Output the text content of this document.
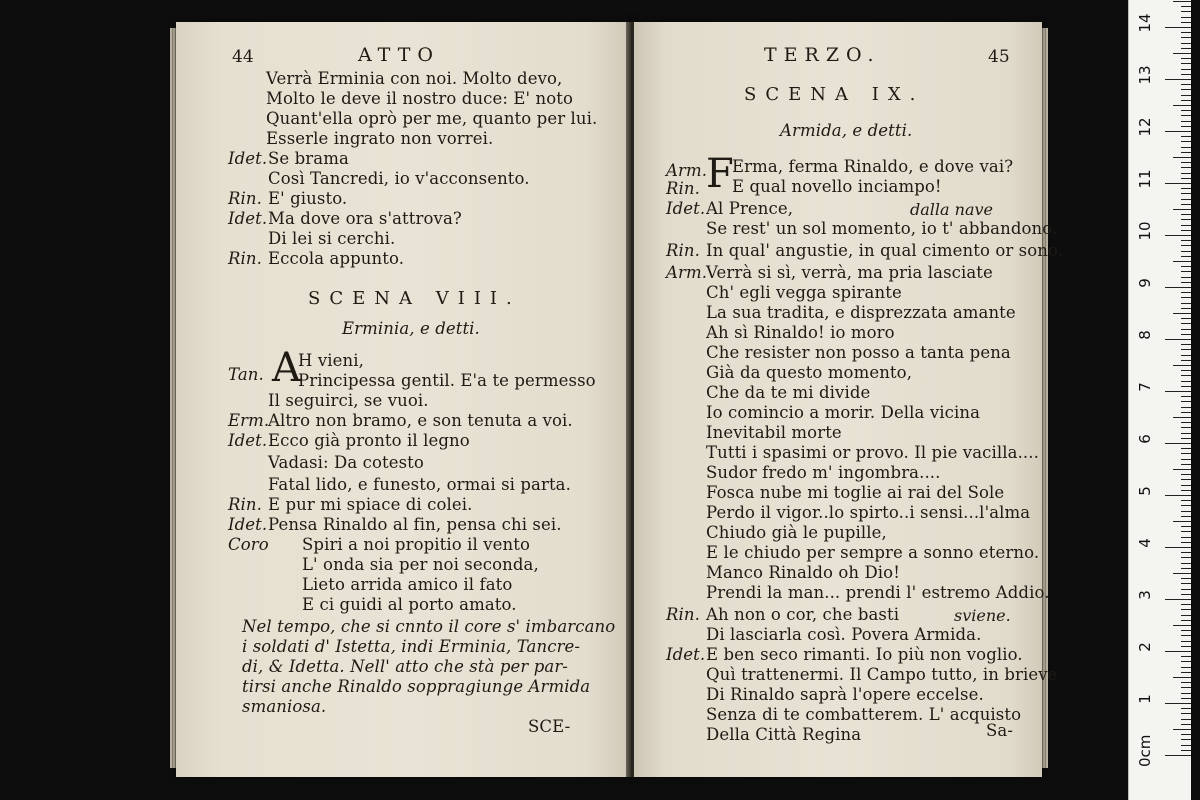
44	ATTO
Verrà Erminia con noi. Molto devo,
Molto le deve il nostro duce: E' noto
Quant'ella oprò per me, quanto per lui.
Esserle ingrato non vorrei.
Idet.Se brama
Così Tancredi, io v'acconsento.
Rin. E' giusto.
Idet.Ma dove ora s'attrova?
Di lei si cerchi.
Rin. Eccola appunto.
SCENA VIII.
Erminia, e detti.
Tan. A
H vieni,
Principessa gentil. E'a te permesso
Il seguirci, se vuoi.
Erm.Altro non bramo, e son tenuta a voi.
Idet.Ecco già pronto il legno
Vadasi: Da cotesto
Fatal lido, e funesto, ormai si parta.
Rin. E pur mi spiace di colei.
Idet.Pensa Rinaldo al fin, pensa chi sei.
Coro Spiri a noi propitio il vento
L' onda sia per noi seconda,
Lieto arrida amico il fato
E ci guidi al porto amato.
Nel tempo, che si cnnto il core s' imbarcano
i soldati d' Istetta, indi Erminia, Tancre-
di, & Idetta. Nell' atto che stà per par-
tirsi anche Rinaldo soppragiunge Armida
smaniosa.
SCE-
TERZO.	45
SCENA IX.
Armida, e detti.
Arm.
F
Erma, ferma Rinaldo, e dove vai?
Rin. E qual novello inciampo!
Idet.Al Prence,	dalla nave
Se rest' un sol momento, io t' abbandono.
Rin. In qual' angustie, in qual cimento or sono.
Arm.Verrà si sì, verrà, ma pria lasciate
Ch' egli vegga spirante
La sua tradita, e disprezzata amante
Ah sì Rinaldo! io moro
Che resister non posso a tanta pena
Già da questo momento,
Che da te mi divide
Io comincio a morir. Della vicina
Inevitabil morte
Tutti i spasimi or provo. Il pie vacilla....
Sudor fredo m' ingombra....
Fosca nube mi toglie ai rai del Sole
Perdo il vigor..lo spirto..i sensi...l'alma
Chiudo già le pupille,
E le chiudo per sempre a sonno eterno.
Manco Rinaldo oh Dio!
Prendi la man... prendi l' estremo Addio.
Rin. Ah non o cor, che basti	sviene.
Di lasciarla così. Povera Armida.
Idet.E ben seco rimanti. Io più non voglio.
Quì trattenermi. Il Campo tutto, in brieve
Di Rinaldo saprà l'opere eccelse.
Senza di te combatterem. L' acquisto
Della Città Regina	Sa-
0cm
1
2
3
4
5
6
7
8
9
10
11
12
13
14
